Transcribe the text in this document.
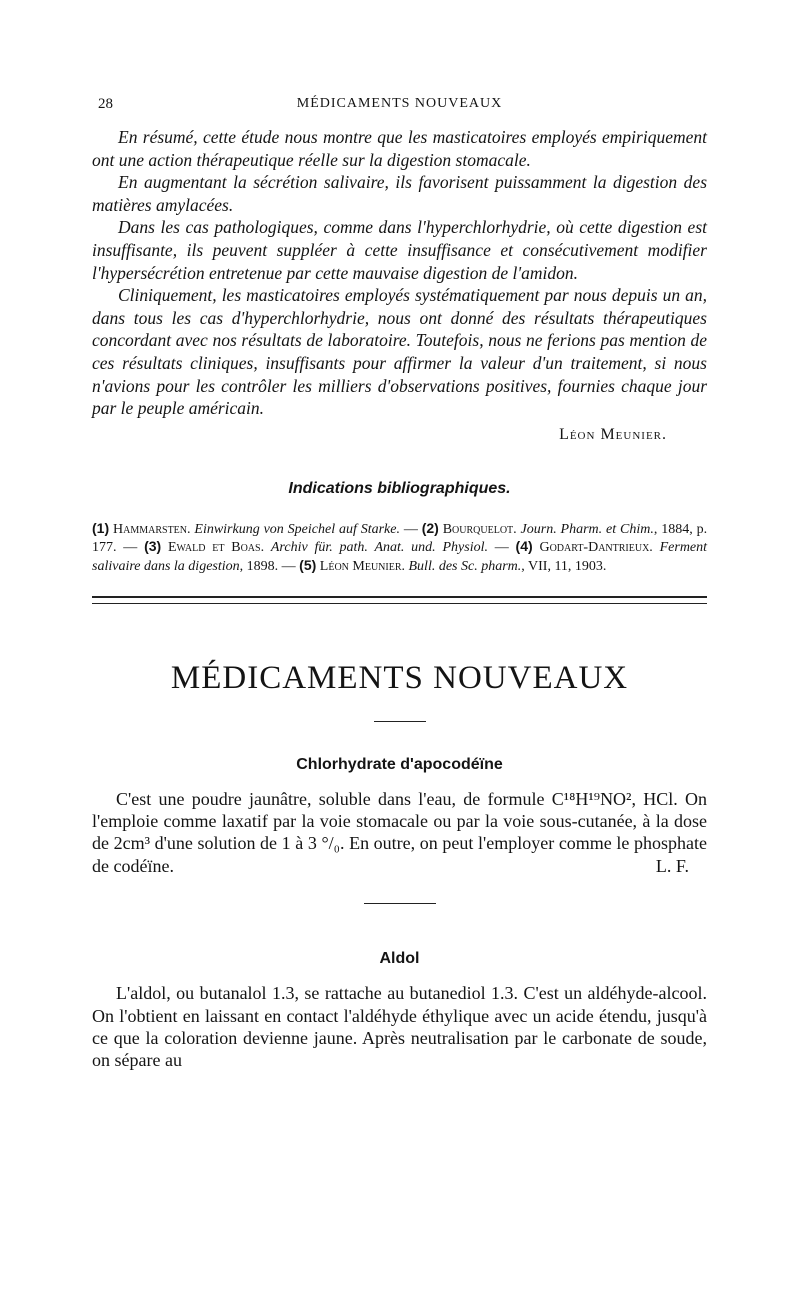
28	MÉDICAMENTS NOUVEAUX

En résumé, cette étude nous montre que les masticatoires employés empiriquement ont une action thérapeutique réelle sur la digestion stomacale.

En augmentant la sécrétion salivaire, ils favorisent puissamment la digestion des matières amylacées.

Dans les cas pathologiques, comme dans l'hyperchlorhydrie, où cette digestion est insuffisante, ils peuvent suppléer à cette insuffisance et consécutivement modifier l'hypersécrétion entretenue par cette mauvaise digestion de l'amidon.

Cliniquement, les masticatoires employés systématiquement par nous depuis un an, dans tous les cas d'hyperchlorhydrie, nous ont donné des résultats thérapeutiques concordant avec nos résultats de laboratoire. Toutefois, nous ne ferions pas mention de ces résultats cliniques, insuffisants pour affirmer la valeur d'un traitement, si nous n'avions pour les contrôler les milliers d'observations positives, fournies chaque jour par le peuple américain.

Léon Meunier.
Indications bibliographiques.
(1) Hammarsten. Einwirkung von Speichel auf Starke. — (2) Bourquelot. Journ. Pharm. et Chim., 1884, p. 177. — (3) Ewald et Boas. Archiv für. path. Anat. und. Physiol. — (4) Godart-Dantrieux. Ferment salivaire dans la digestion, 1898. — (5) Léon Meunier. Bull. des Sc. pharm., VII, 11, 1903.
MÉDICAMENTS NOUVEAUX
Chlorhydrate d'apocodéïne
C'est une poudre jaunâtre, soluble dans l'eau, de formule C¹⁸H¹⁹NO², HCl. On l'emploie comme laxatif par la voie stomacale ou par la voie sous-cutanée, à la dose de 2cm³ d'une solution de 1 à 3 °/₀. En outre, on peut l'employer comme le phosphate de codéïne.	L. F.
Aldol
L'aldol, ou butanalol 1.3, se rattache au butanediol 1.3. C'est un aldéhyde-alcool. On l'obtient en laissant en contact l'aldéhyde éthylique avec un acide étendu, jusqu'à ce que la coloration devienne jaune. Après neutralisation par le carbonate de soude, on sépare au
